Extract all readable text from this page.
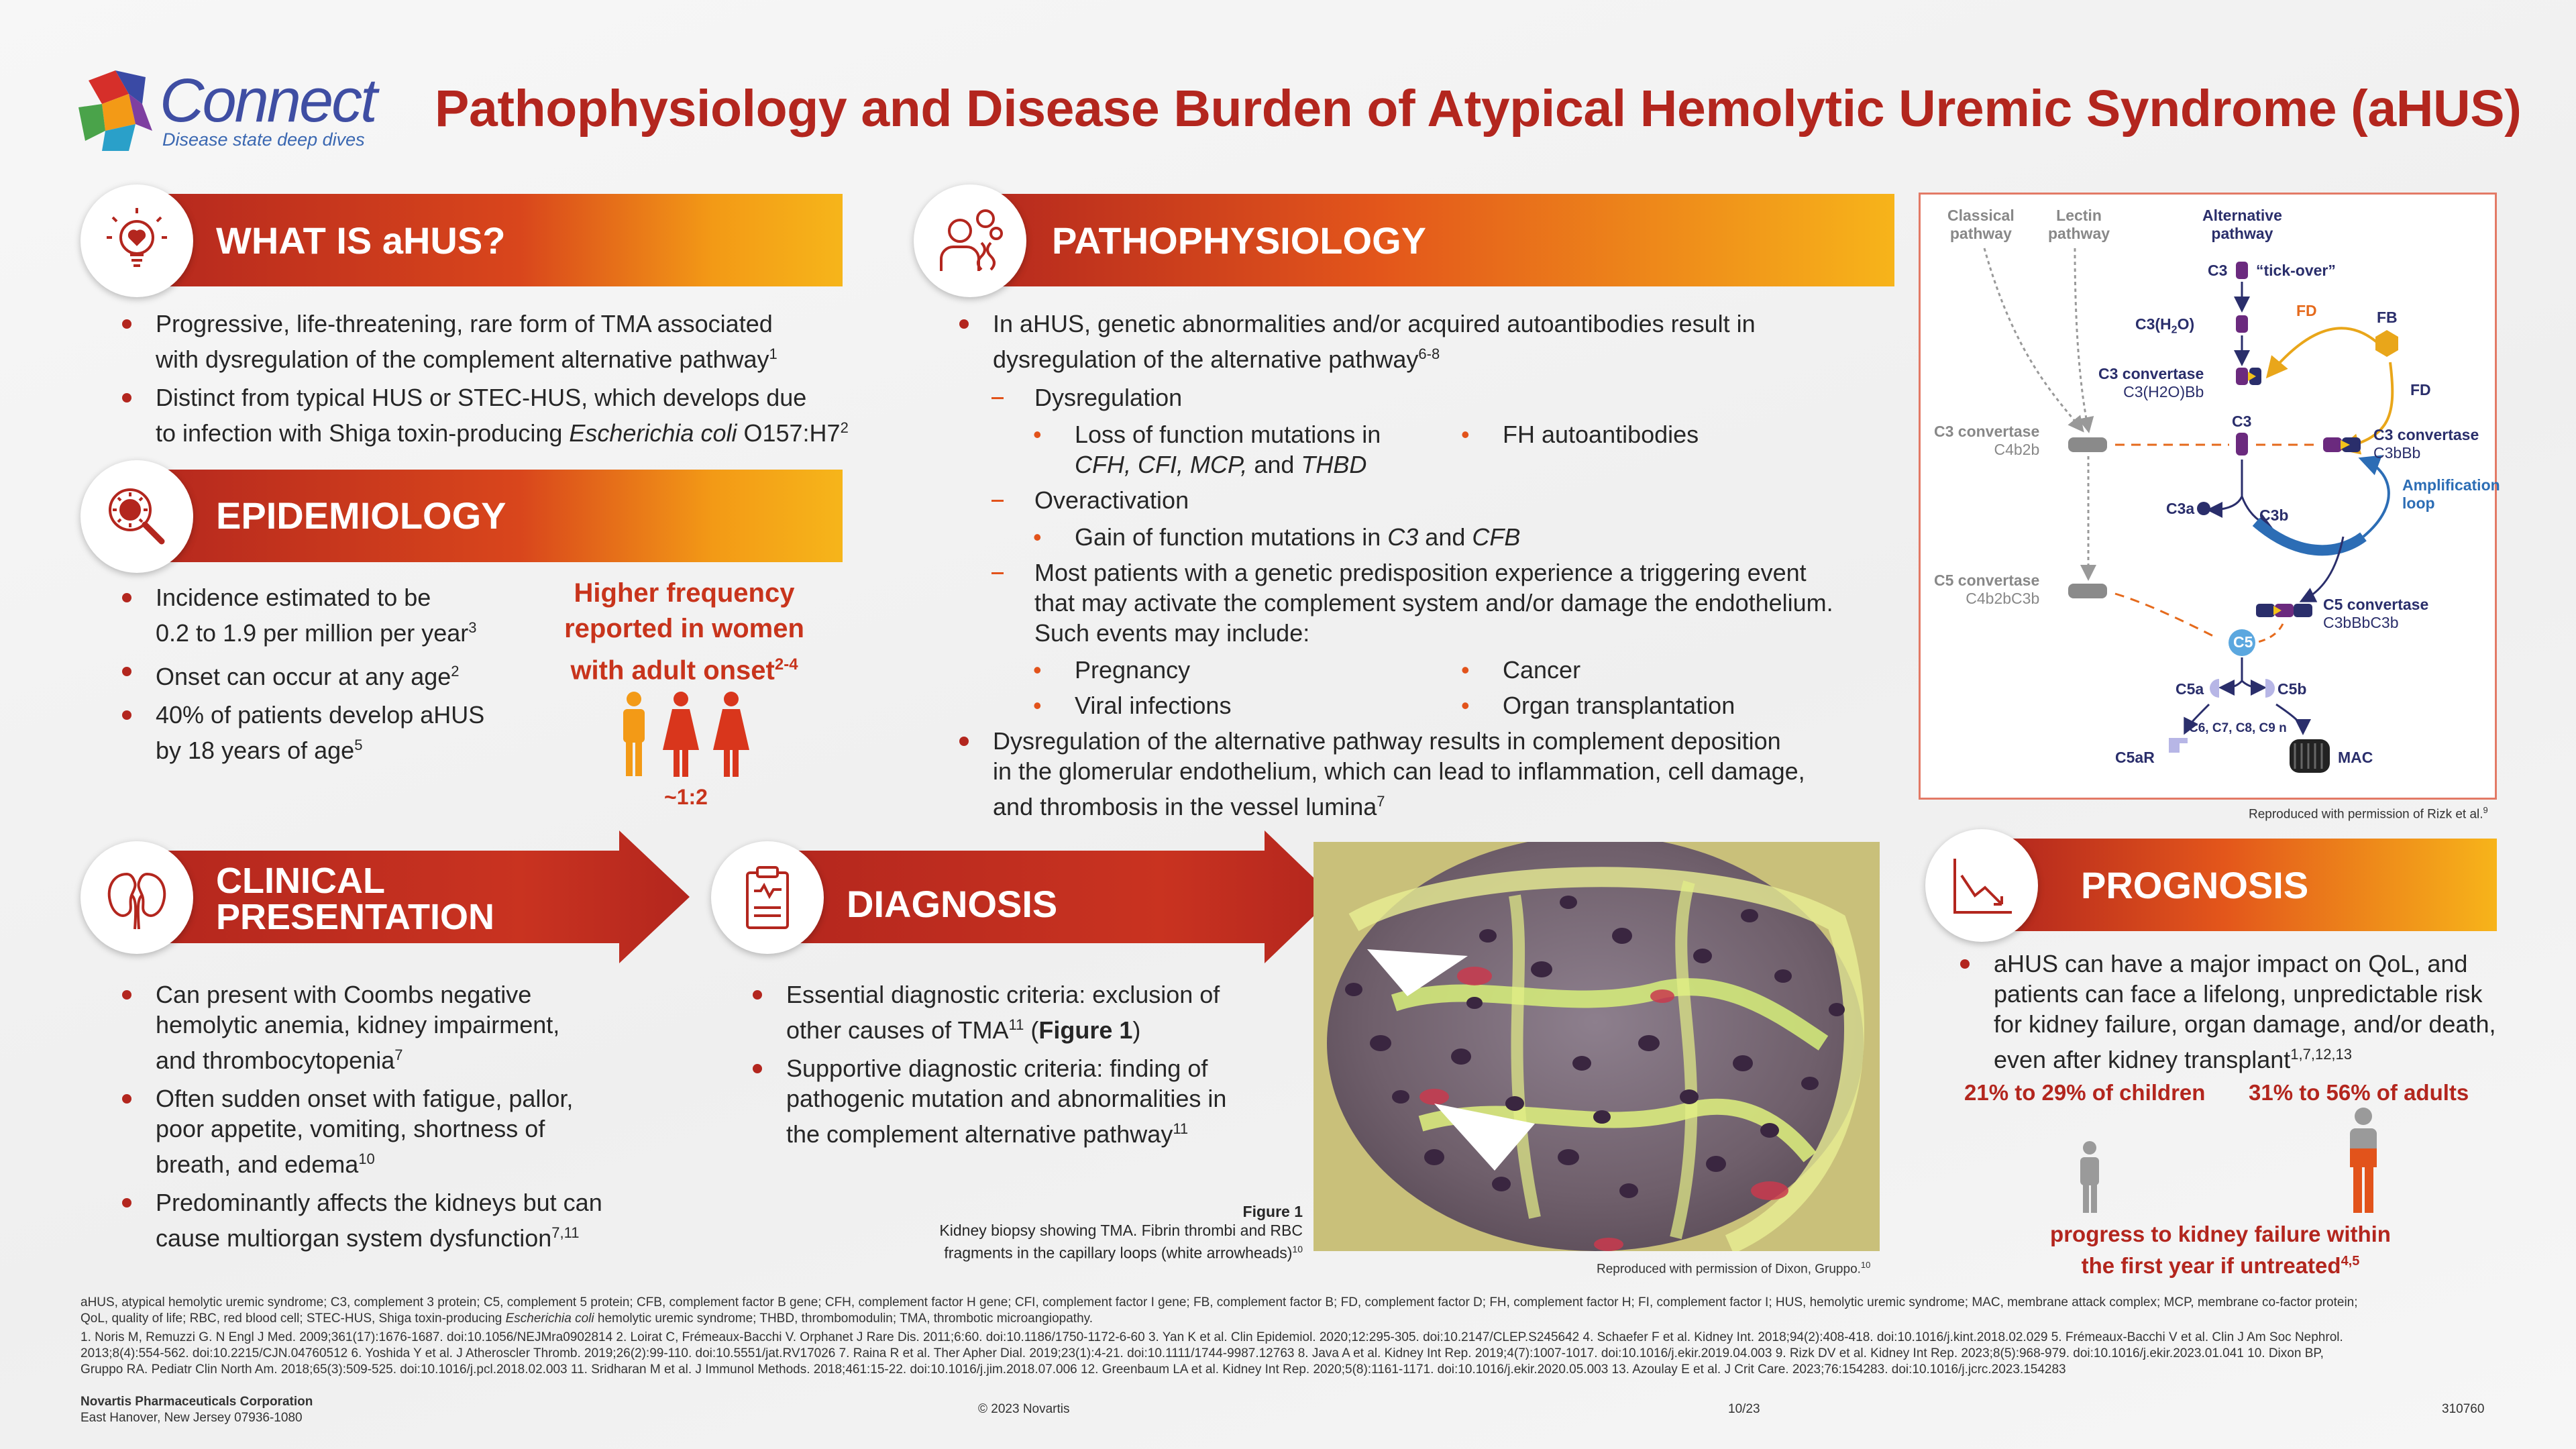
Connect
Disease state deep dives
Pathophysiology and Disease Burden of Atypical Hemolytic Uremic Syndrome (aHUS)
WHAT IS aHUS?
Progressive, life-threatening, rare form of TMA associated
with dysregulation of the complement alternative pathway$^1$
Distinct from typical HUS or STEC-HUS, which develops due
to infection with Shiga toxin-producing Escherichia coli $O157:H7^2$
EPIDEMIOLOGY
Incidence estimated to be
0.2 to 1.9 per million per year$^3$
Onset can occur at any age$^2$
40% of patients develop aHUS
by 18 years of age$^5$
Higher frequency
reported in women
with adult onset$^{2-4}$
~1:2
PATHOPHYSIOLOGY
In aHUS, genetic abnormalities and/or acquired autoantibodies result in
dysregulation of the alternative pathway$^{6-8}$
Dysregulation
• Loss of function mutations in
CFH, CFI, MCP, and THBD
• FH autoantibodies
Overactivation
• Gain of function mutations in C3 and CFB
Most patients with a genetic predisposition experience a triggering event
that may activate the complement system and/or damage the endothelium.
Such events may include:
• Pregnancy	• Cancer
• Viral infections	• Organ transplantation
Dysregulation of the alternative pathway results in complement deposition
in the glomerular endothelium, which can lead to inflammation, cell damage,
and thrombosis in the vessel lumina$^7$
Classical
pathway
Lectin
pathway
Alternative
pathway
C3 “tick-over”
$C3(H_2O)$
FD	FB
FD
C3 convertase
C3(H2O)Bb
C3 convertase
C4b2b
C3
C3 convertase
C3bBb
C3a	C3b
Amplification
loop
C5 convertase
C4b2bC3b	C5 convertase
C3bBbC3b
C5
C5a	C5b
C6, C7, C8, C9 n
C5aR	MAC
Reproduced with permission of Rizk et al.$^9$
CLINICAL
PRESENTATION
Can present with Coombs negative
hemolytic anemia, kidney impairment,
and thrombocytopenia$^7$
Often sudden onset with fatigue, pallor,
poor appetite, vomiting, shortness of
breath, and edema$^{10}$
Predominantly affects the kidneys but can
cause multiorgan system dysfunction$^{7,11}$
DIAGNOSIS
Essential diagnostic criteria: exclusion of
other causes of TMA$^{11}$ (Figure 1)
Supportive diagnostic criteria: finding of
pathogenic mutation and abnormalities in
the complement alternative pathway$^{11}$
Figure 1
Kidney biopsy showing TMA. Fibrin thrombi and RBC
fragments in the capillary loops (white arrowheads)$^{10}$
Reproduced with permission of Dixon, Gruppo.$^{10}$
PROGNOSIS
aHUS can have a major impact on QoL, and
patients can face a lifelong, unpredictable risk
for kidney failure, organ damage, and/or death,
even after kidney transplant$^{1,7,12,13}$
21% to 29% of children 31% to 56% of adults
progress to kidney failure within
the first year if untreated$^{4,5}$
aHUS, atypical hemolytic uremic syndrome; C3, complement 3 protein; C5, complement 5 protein; CFB, complement factor B gene; CFH, complement factor H gene; CFI, complement factor I gene; FB, complement factor B; FD, complement factor D; FH, complement factor H; FI, complement factor I; HUS, hemolytic uremic syndrome; MAC, membrane attack complex; MCP, membrane co-factor protein;
QoL, quality of life; RBC, red blood cell; STEC-HUS, Shiga toxin-producing Escherichia coli hemolytic uremic syndrome; THBD, thrombomodulin; TMA, thrombotic microangiopathy.
1. Noris M, Remuzzi G. N Engl J Med. 2009;361(17):1676-1687. doi:10.1056/NEJMra0902814 2. Loirat C, Frémeaux-Bacchi V. Orphanet J Rare Dis. 2011;6:60. doi:10.1186/1750-1172-6-60 3. Yan K et al. Clin Epidemiol. 2020;12:295-305. doi:10.2147/CLEP.S245642 4. Schaefer F et al. Kidney Int. 2018;94(2):408-418. doi:10.1016/j.kint.2018.02.029 5. Frémeaux-Bacchi V et al. Clin J Am Soc Nephrol.
2013;8(4):554-562. doi:10.2215/CJN.04760512 6. Yoshida Y et al. J Atheroscler Thromb. 2019;26(2):99-110. doi:10.5551/jat.RV17026 7. Raina R et al. Ther Apher Dial. 2019;23(1):4-21. doi:10.1111/1744-9987.12763 8. Java A et al. Kidney Int Rep. 2019;4(7):1007-1017. doi:10.1016/j.ekir.2019.04.003 9. Rizk DV et al. Kidney Int Rep. 2023;8(5):968-979. doi:10.1016/j.ekir.2023.01.041 10. Dixon BP,
Gruppo RA. Pediatr Clin North Am. 2018;65(3):509-525. doi:10.1016/j.pcl.2018.02.003 11. Sridharan M et al. J Immunol Methods. 2018;461:15-22. doi:10.1016/j.jim.2018.07.006 12. Greenbaum LA et al. Kidney Int Rep. 2020;5(8):1161-1171. doi:10.1016/j.ekir.2020.05.003 13. Azoulay E et al. J Crit Care. 2023;76:154283. doi:10.1016/j.jcrc.2023.154283
Novartis Pharmaceuticals Corporation
East Hanover, New Jersey 07936-1080
© 2023 Novartis	10/23	310760
